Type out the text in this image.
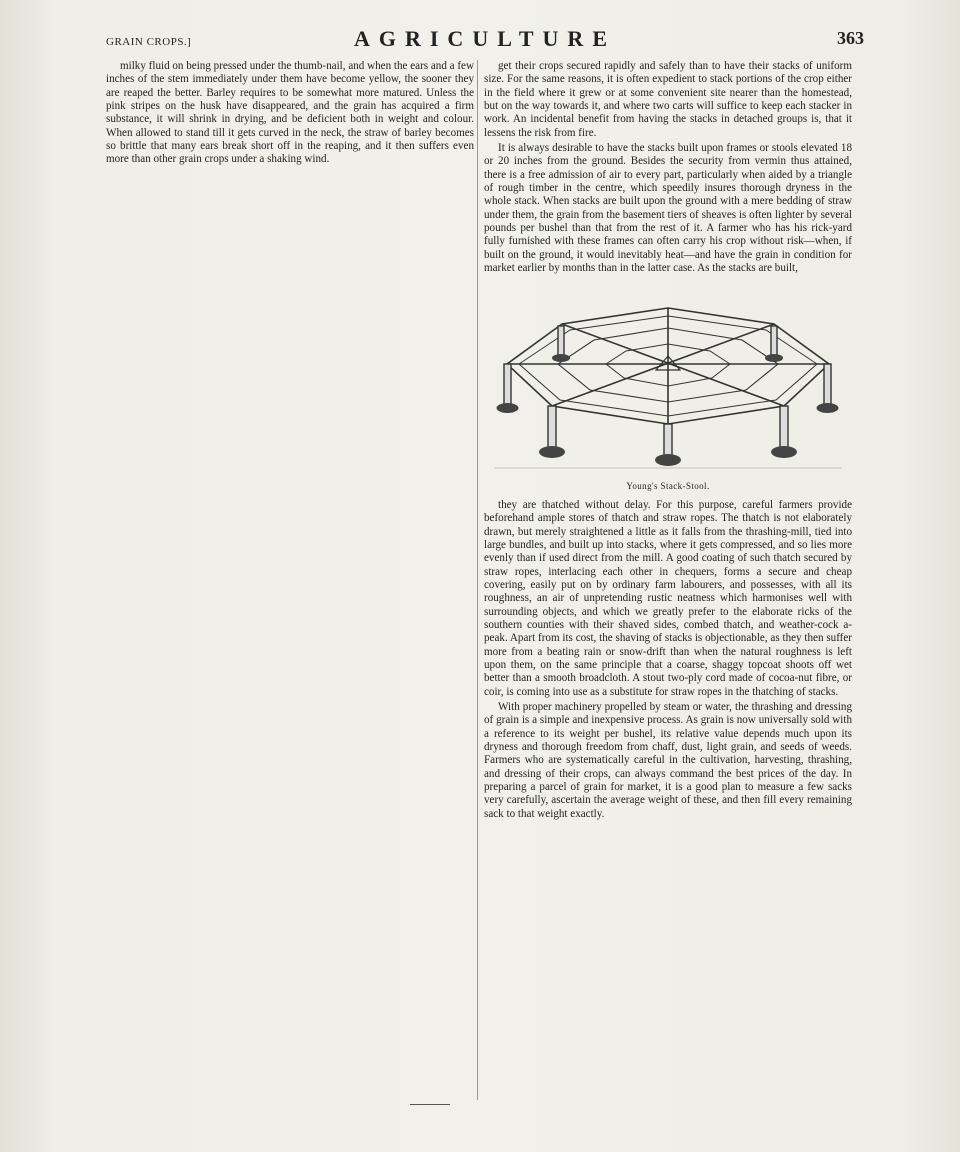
GRAIN CROPS.]	AGRICULTURE	363

milky fluid on being pressed under the thumb-nail, and when the ears and a few inches of the stem immediately under them have become yellow, the sooner they are reaped the better. Barley requires to be somewhat more matured. Unless the pink stripes on the husk have disappeared, and the grain has acquired a firm substance, it will shrink in drying, and be deficient both in weight and colour. When allowed to stand till it gets curved in the neck, the straw of barley becomes so brittle that many ears break short off in the reaping, and it then suffers even more than other grain crops under a shaking wind.

get their crops secured rapidly and safely than to have their stacks of uniform size. For the same reasons, it is often expedient to stack portions of the crop either in the field where it grew or at some convenient site nearer than the homestead, but on the way towards it, and where two carts will suffice to keep each stacker in work. An incidental benefit from having the stacks in detached groups is, that it lessens the risk from fire.

It is always desirable to have the stacks built upon frames or stools elevated 18 or 20 inches from the ground. Besides the security from vermin thus attained, there is a free admission of air to every part, particularly when aided by a triangle of rough timber in the centre, which speedily insures thorough dryness in the whole stack. When stacks are built upon the ground with a mere bedding of straw under them, the grain from the basement tiers of sheaves is often lighter by several pounds per bushel than that from the rest of it. A farmer who has his rick-yard fully furnished with these frames can often carry his crop without risk—when, if built on the ground, it would inevitably heat—and have the grain in condition for market earlier by months than in the latter case. As the stacks are built,

Young's Stack-Stool.

they are thatched without delay. For this purpose, careful farmers provide beforehand ample stores of thatch and straw ropes. The thatch is not elaborately drawn, but merely straightened a little as it falls from the thrashing-mill, tied into large bundles, and built up into stacks, where it gets compressed, and so lies more evenly than if used direct from the mill. A good coating of such thatch secured by straw ropes, interlacing each other in chequers, forms a secure and cheap covering, easily put on by ordinary farm labourers, and possesses, with all its roughness, an air of unpretending rustic neatness which harmonises well with surrounding objects, and which we greatly prefer to the elaborate ricks of the southern counties with their shaved sides, combed thatch, and weather-cock a-peak. Apart from its cost, the shaving of stacks is objectionable, as they then suffer more from a beating rain or snow-drift than when the natural roughness is left upon them, on the same principle that a coarse, shaggy topcoat shoots off wet better than a smooth broadcloth. A stout two-ply cord made of cocoa-nut fibre, or coir, is coming into use as a substitute for straw ropes in the thatching of stacks.

With proper machinery propelled by steam or water, the thrashing and dressing of grain is a simple and inexpensive process. As grain is now universally sold with a reference to its weight per bushel, its relative value depends much upon its dryness and thorough freedom from chaff, dust, light grain, and seeds of weeds. Farmers who are systematically careful in the cultivation, harvesting, thrashing, and dressing of their crops, can always command the best prices of the day. In preparing a parcel of grain for market, it is a good plan to measure a few sacks very carefully, ascertain the average weight of these, and then fill every remaining sack to that weight exactly.
